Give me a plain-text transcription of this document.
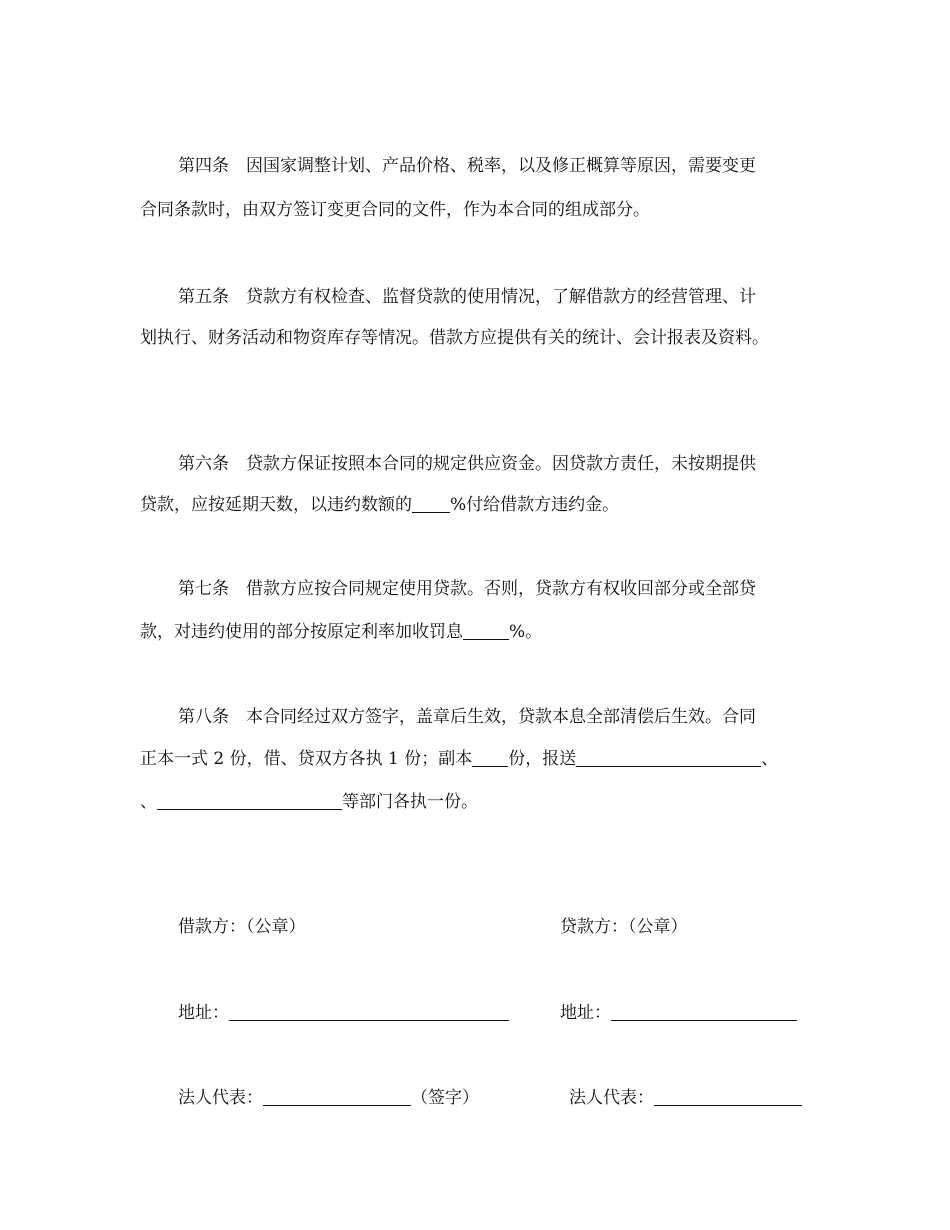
第四条　因国家调整计划、产品价格、税率，以及修正概算等原因，需要变更
合同条款时，由双方签订变更合同的文件，作为本合同的组成部分。
第五条　贷款方有权检查、监督贷款的使用情况，了解借款方的经营管理、计
划执行、财务活动和物资库存等情况。借款方应提供有关的统计、会计报表及资料。
第六条　贷款方保证按照本合同的规定供应资金。因贷款方责任，未按期提供
贷款，应按延期天数，以违约数额的 %付给借款方违约金。
第七条　借款方应按合同规定使用贷款。否则，贷款方有权收回部分或全部贷
款，对违约使用的部分按原定利率加收罚息	%。
第八条　本合同经过双方签字，盖章后生效，贷款本息全部清偿后生效。合同
正本一式 2 份，借、贷双方各执 1 份；副本 份，报送	、
、	等部门各执一份。
借款方：（公章）	贷款方：（公章）
地址：	地址：
法人代表：	（签字）	法人代表：
